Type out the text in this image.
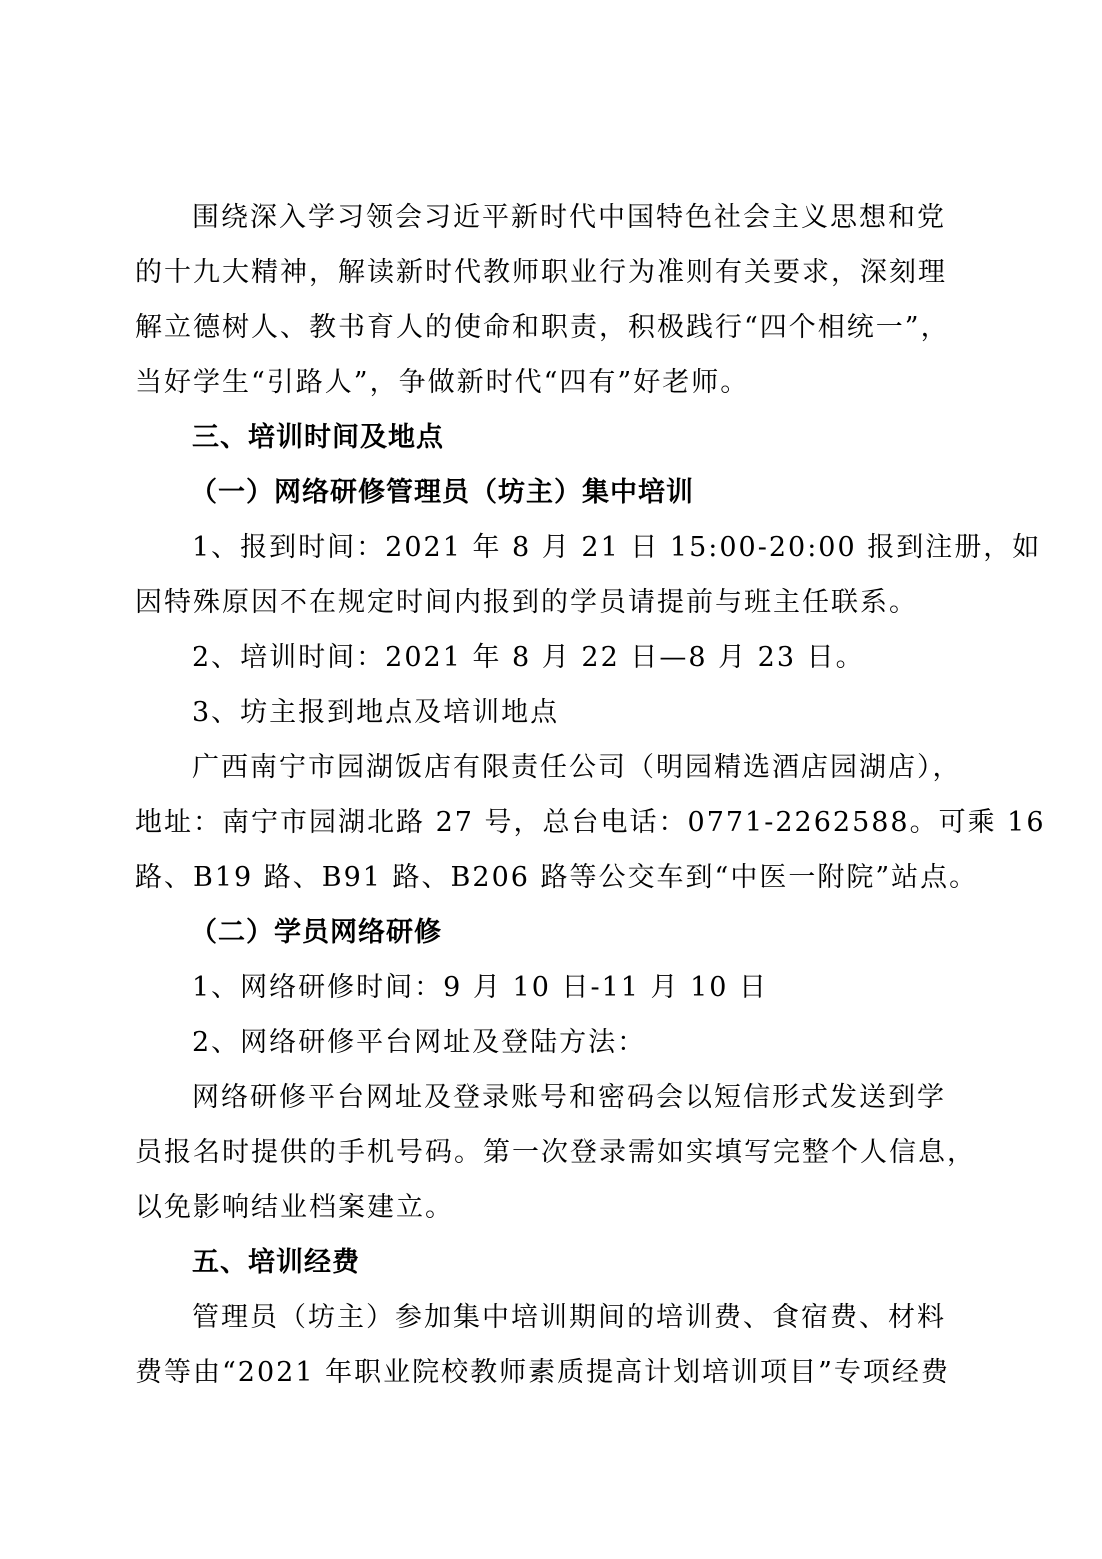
围绕深入学习领会习近平新时代中国特色社会主义思想和党
的十九大精神，解读新时代教师职业行为准则有关要求，深刻理
解立德树人、教书育人的使命和职责，积极践行“四个相统一”，
当好学生“引路人”，争做新时代“四有”好老师。
三、培训时间及地点
（一）网络研修管理员（坊主）集中培训
1、报到时间：2021 年 8 月 21 日 15:00-20:00 报到注册，如
因特殊原因不在规定时间内报到的学员请提前与班主任联系。
2、培训时间：2021 年 8 月 22 日—8 月 23 日。
3、坊主报到地点及培训地点
广西南宁市园湖饭店有限责任公司（明园精选酒店园湖店），
地址：南宁市园湖北路 27 号，总台电话：0771-2262588。可乘 16
路、B19 路、B91 路、B206 路等公交车到“中医一附院”站点。
（二）学员网络研修
1、网络研修时间：9 月 10 日-11 月 10 日
2、网络研修平台网址及登陆方法：
网络研修平台网址及登录账号和密码会以短信形式发送到学
员报名时提供的手机号码。第一次登录需如实填写完整个人信息，
以免影响结业档案建立。
五、培训经费
管理员（坊主）参加集中培训期间的培训费、食宿费、材料
费等由“2021 年职业院校教师素质提高计划培训项目”专项经费
